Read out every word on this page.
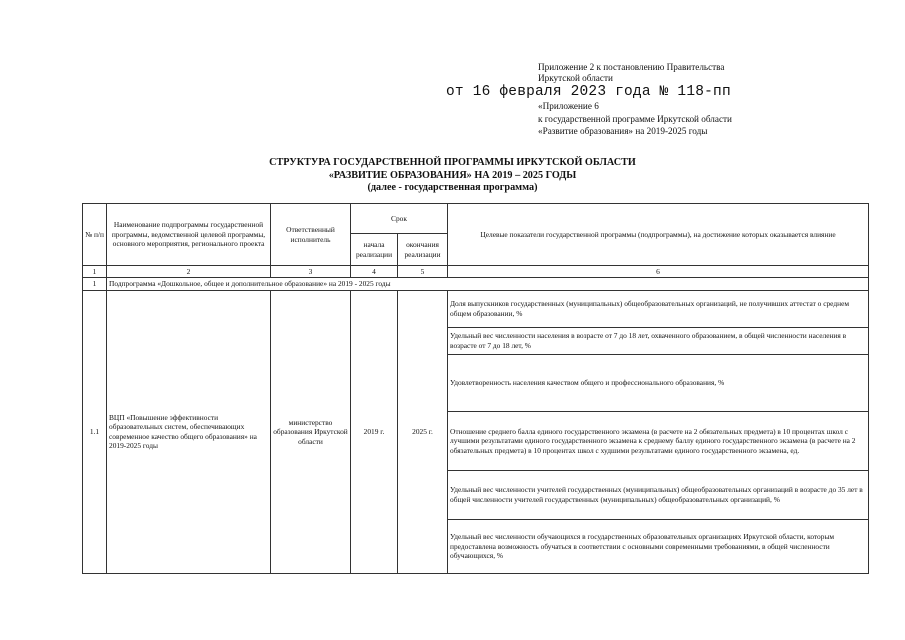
Приложение 2 к постановлению Правительства
Иркутской области
от 16 февраля 2023 года № 118-пп
«Приложение 6
к государственной программе Иркутской области
«Развитие образования» на 2019-2025 годы
СТРУКТУРА ГОСУДАРСТВЕННОЙ ПРОГРАММЫ ИРКУТСКОЙ ОБЛАСТИ
«РАЗВИТИЕ ОБРАЗОВАНИЯ» НА 2019 – 2025 ГОДЫ
(далее - государственная программа)
№ п/п	Наименование подпрограммы государственной программы, ведомственной целевой программы, основного мероприятия, регионального проекта	Ответственный исполнитель	Срок		Целевые показатели государственной программы (подпрограммы), на достижение которых оказывается влияние
			начала реализации	окончания реализации	
1	2	3	4	5	6
1	Подпрограмма «Дошкольное, общее и дополнительное образование» на 2019 - 2025 годы				
1.1	ВЦП «Повышение эффективности образовательных систем, обеспечивающих современное качество общего образования» на 2019-2025 годы	министерство образования Иркутской области	2019 г.	2025 г.	Доля выпускников государственных (муниципальных) общеобразовательных организаций, не получивших аттестат о среднем общем образовании, %
					Удельный вес численности населения в возрасте от 7 до 18 лет, охваченного образованием, в общей численности населения в возрасте от 7 до 18 лет, %
					Удовлетворенность населения качеством общего и профессионального образования, %
					Отношение среднего балла единого государственного экзамена (в расчете на 2 обязательных предмета) в 10 процентах школ с лучшими результатами единого государственного экзамена к среднему баллу единого государственного экзамена (в расчете на 2 обязательных предмета) в 10 процентах школ с худшими результатами единого государственного экзамена, ед.
					Удельный вес численности учителей государственных (муниципальных) общеобразовательных организаций в возрасте до 35 лет в общей численности учителей государственных (муниципальных) общеобразовательных организаций, %
					Удельный вес численности обучающихся в государственных образовательных организациях Иркутской области, которым предоставлена возможность обучаться в соответствии с основными современными требованиями, в общей численности обучающихся, %
